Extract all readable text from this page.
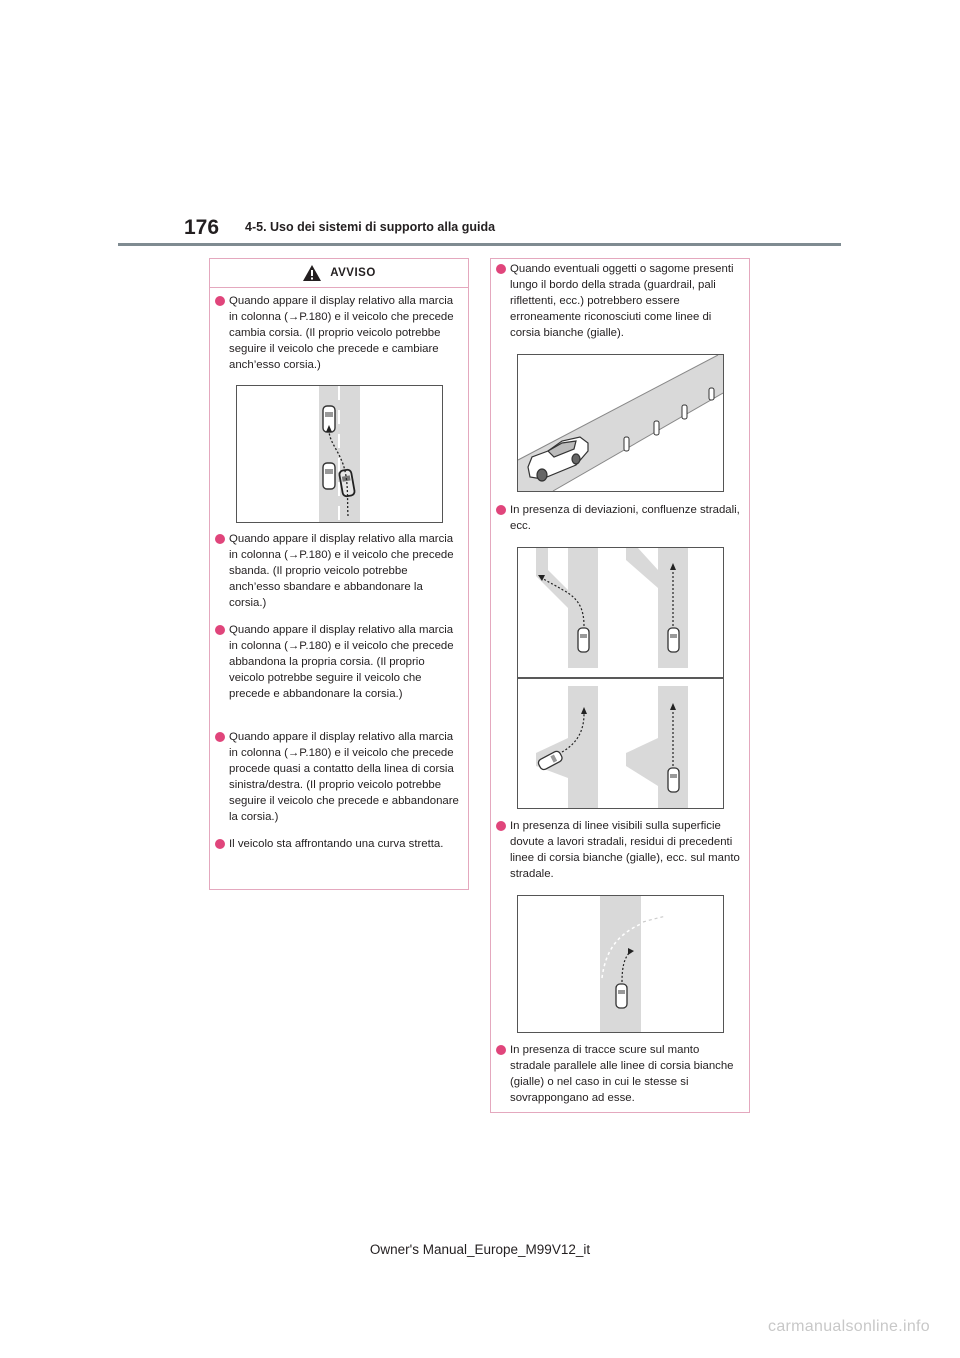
176 4-5. Uso dei sistemi di supporto alla guida
AVVISO
Quando appare il display relativo alla marcia in colonna (→P.180) e il veicolo che precede cambia corsia. (Il proprio veicolo potrebbe seguire il veicolo che precede e cambiare anch’esso corsia.)
Quando appare il display relativo alla marcia in colonna (→P.180) e il veicolo che precede sbanda. (Il proprio veicolo potrebbe anch’esso sbandare e abbandonare la corsia.)
Quando appare il display relativo alla marcia in colonna (→P.180) e il veicolo che precede abbandona la propria corsia. (Il proprio veicolo potrebbe seguire il veicolo che precede e abbandonare la corsia.)
Quando appare il display relativo alla marcia in colonna (→P.180) e il veicolo che precede procede quasi a contatto della linea di corsia sinistra/destra. (Il proprio veicolo potrebbe seguire il veicolo che precede e abbandonare la corsia.)
Il veicolo sta affrontando una curva stretta.
Quando eventuali oggetti o sagome presenti lungo il bordo della strada (guardrail, pali riflettenti, ecc.) potrebbero essere erroneamente riconosciuti come linee di corsia bianche (gialle).
In presenza di deviazioni, confluenze stradali, ecc.
In presenza di linee visibili sulla superficie dovute a lavori stradali, residui di precedenti linee di corsia bianche (gialle), ecc. sul manto stradale.
In presenza di tracce scure sul manto stradale parallele alle linee di corsia bianche (gialle) o nel caso in cui le stesse si sovrappongano ad esse.
Owner's Manual_Europe_M99V12_it
carmanualsonline.info
